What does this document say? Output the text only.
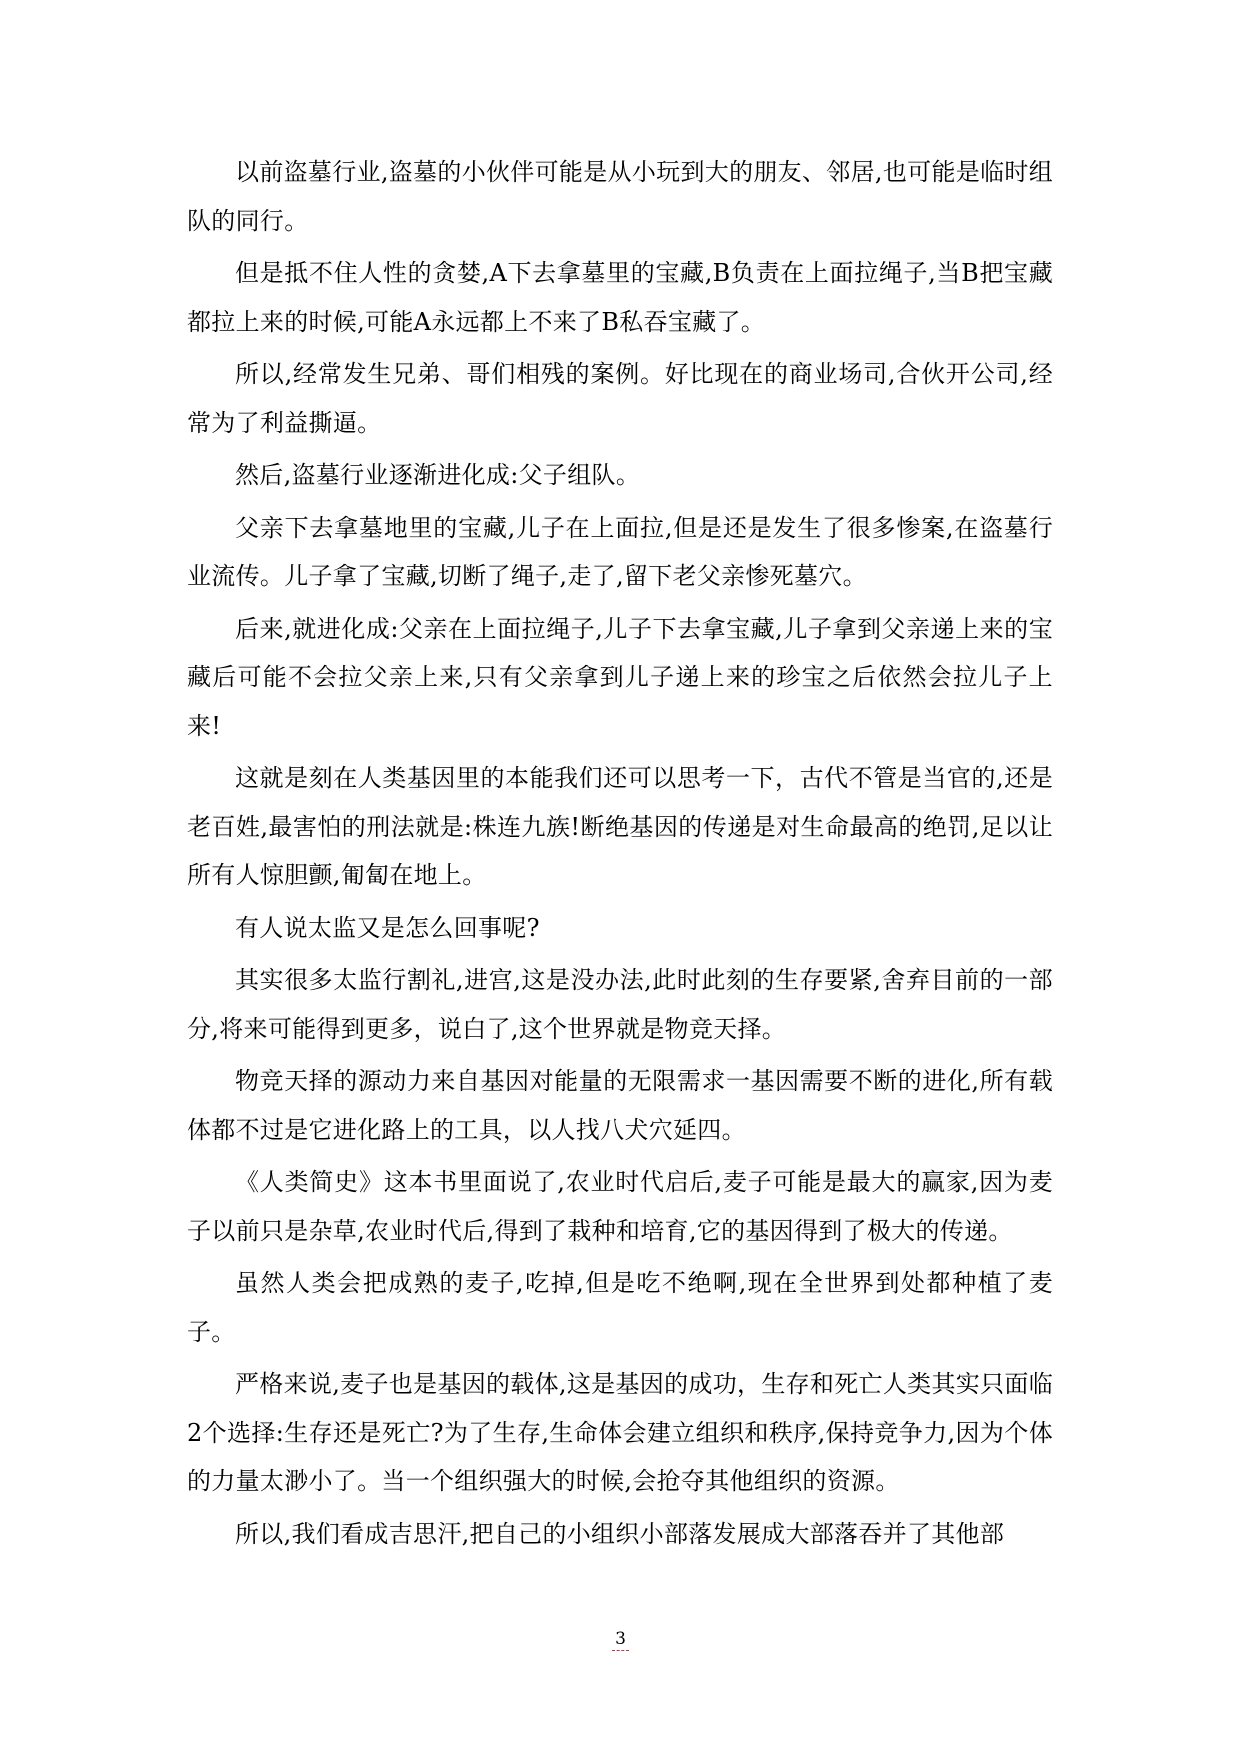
以前盗墓行业,盗墓的小伙伴可能是从小玩到大的朋友、邻居,也可能是临时组队的同行。

但是抵不住人性的贪婪,A下去拿墓里的宝藏,B负责在上面拉绳子,当B把宝藏都拉上来的时候,可能A永远都上不来了B私吞宝藏了。

所以,经常发生兄弟、哥们相残的案例。好比现在的商业场司,合伙开公司,经常为了利益撕逼。

然后,盗墓行业逐渐进化成:父子组队。

父亲下去拿墓地里的宝藏,儿子在上面拉,但是还是发生了很多惨案,在盗墓行业流传。儿子拿了宝藏,切断了绳子,走了,留下老父亲惨死墓穴。

后来,就进化成:父亲在上面拉绳子,儿子下去拿宝藏,儿子拿到父亲递上来的宝藏后可能不会拉父亲上来,只有父亲拿到儿子递上来的珍宝之后依然会拉儿子上来!

这就是刻在人类基因里的本能我们还可以思考一下，古代不管是当官的,还是老百姓,最害怕的刑法就是:株连九族!断绝基因的传递是对生命最高的绝罚,足以让所有人惊胆颤,匍匐在地上。

有人说太监又是怎么回事呢?

其实很多太监行割礼,进宫,这是没办法,此时此刻的生存要紧,舍弃目前的一部分,将来可能得到更多，说白了,这个世界就是物竞天择。

物竞天择的源动力来自基因对能量的无限需求一基因需要不断的进化,所有载体都不过是它进化路上的工具，以人找八犬穴延四。

《人类简史》这本书里面说了,农业时代启后,麦子可能是最大的赢家,因为麦子以前只是杂草,农业时代后,得到了栽种和培育,它的基因得到了极大的传递。

虽然人类会把成熟的麦子,吃掉,但是吃不绝啊,现在全世界到处都种植了麦子。

严格来说,麦子也是基因的载体,这是基因的成功，生存和死亡人类其实只面临2个选择:生存还是死亡?为了生存,生命体会建立组织和秩序,保持竞争力,因为个体的力量太渺小了。当一个组织强大的时候,会抢夺其他组织的资源。

所以,我们看成吉思汗,把自己的小组织小部落发展成大部落吞并了其他部

3
